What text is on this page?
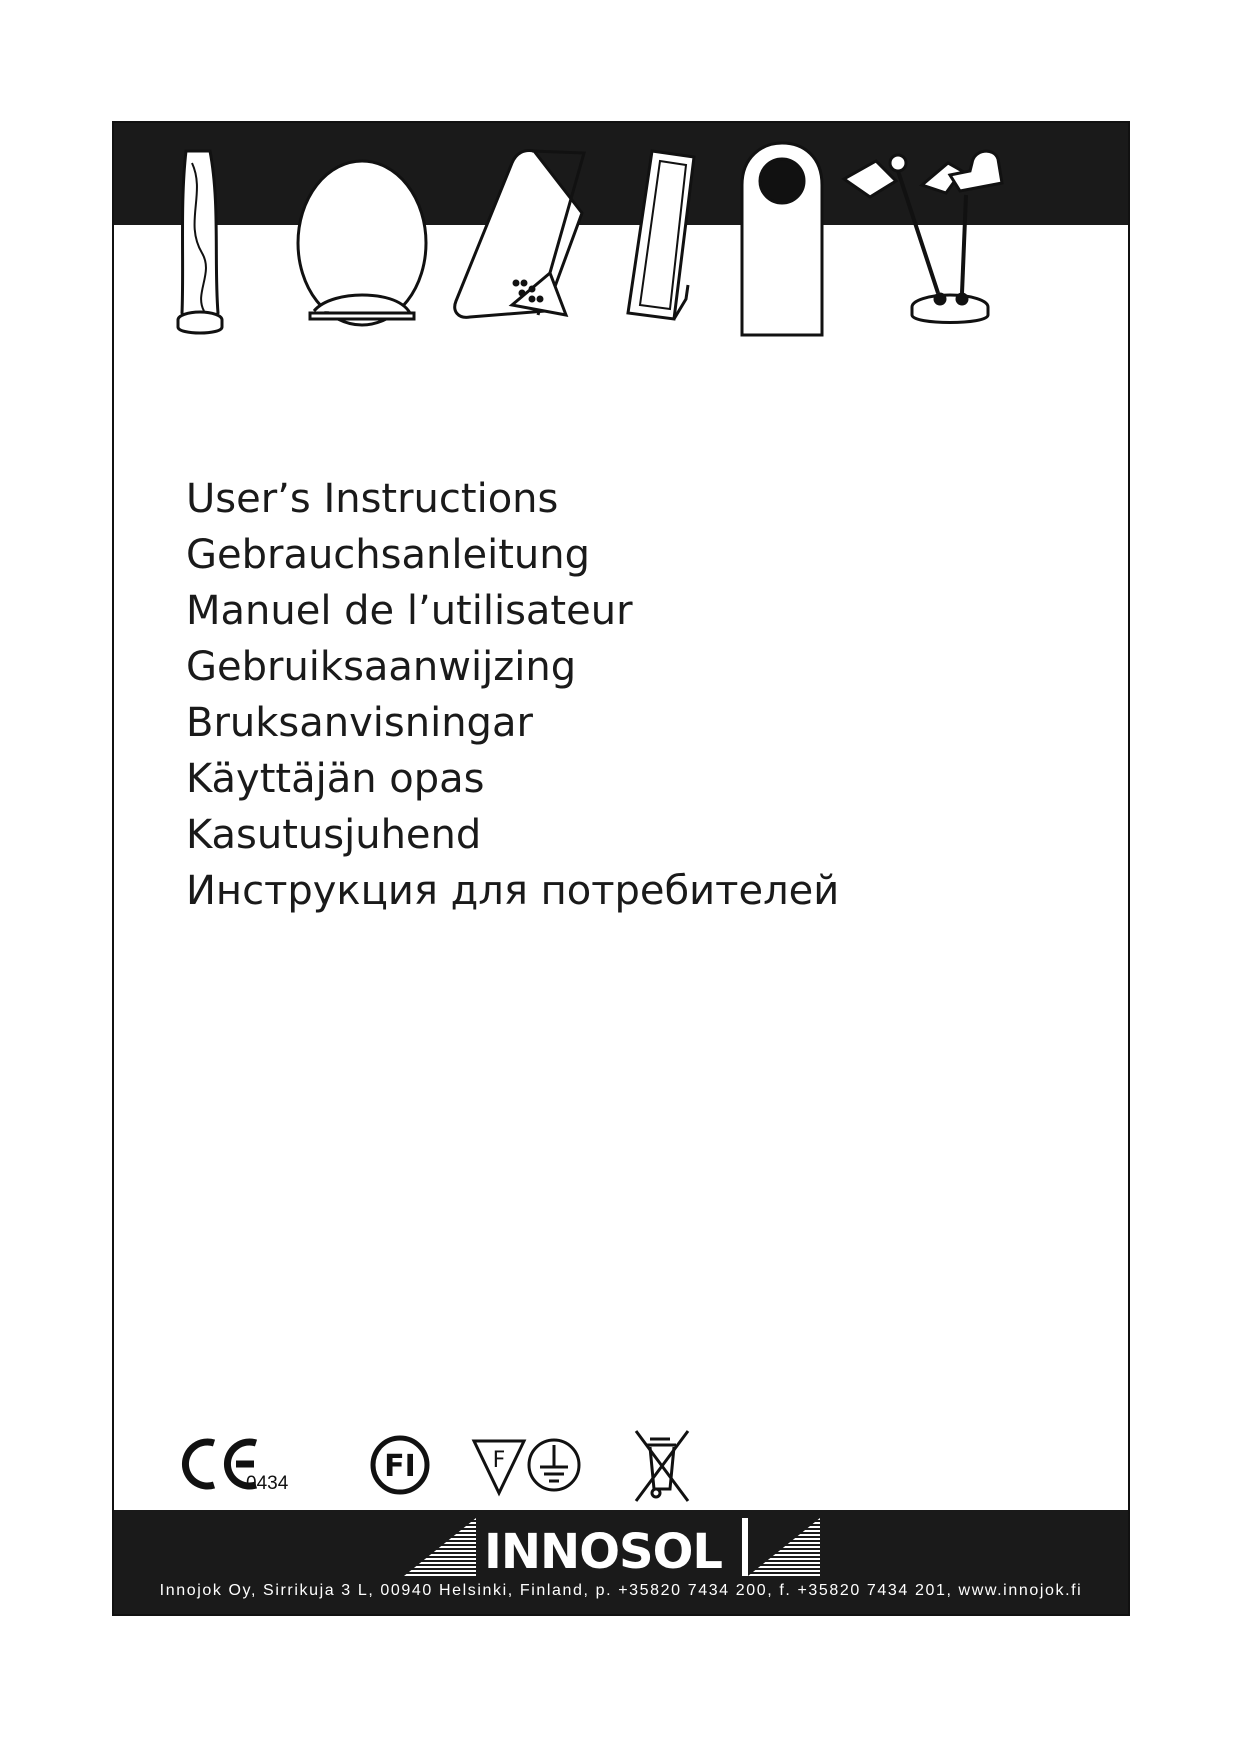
User’s Instructions
Gebrauchsanleitung
Manuel de l’utilisateur
Gebruiksaanwijzing
Bruksanvisningar
Käyttäjän opas
Kasutusjuhend
Инструкция для потребителей
FI	F
0434
INNOSOL
Innojok Oy, Sirrikuja 3 L, 00940 Helsinki, Finland, p. +35820 7434 200, f. +35820 7434 201, www.innojok.fi
